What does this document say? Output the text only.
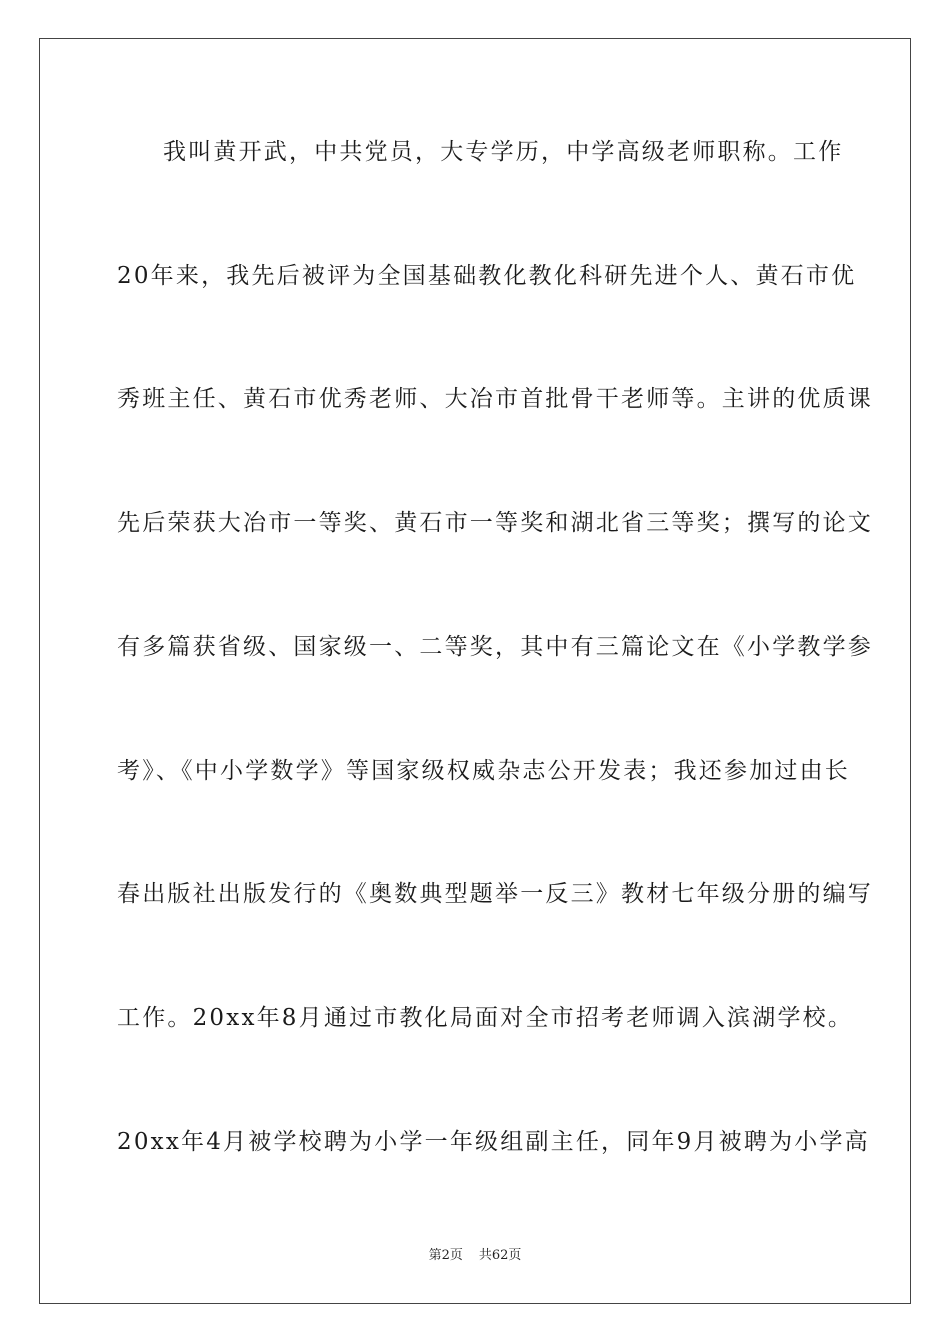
我叫黄开武，中共党员，大专学历，中学高级老师职称。工作
20年来，我先后被评为全国基础教化教化科研先进个人、黄石市优
秀班主任、黄石市优秀老师、大冶市首批骨干老师等。主讲的优质课
先后荣获大冶市一等奖、黄石市一等奖和湖北省三等奖；撰写的论文
有多篇获省级、国家级一、二等奖，其中有三篇论文在《小学教学参
考》、《中小学数学》等国家级权威杂志公开发表；我还参加过由长
春出版社出版发行的《奥数典型题举一反三》教材七年级分册的编写
工作。20xx年8月通过市教化局面对全市招考老师调入滨湖学校。
20xx年4月被学校聘为小学一年级组副主任，同年9月被聘为小学高
第2页 共62页
